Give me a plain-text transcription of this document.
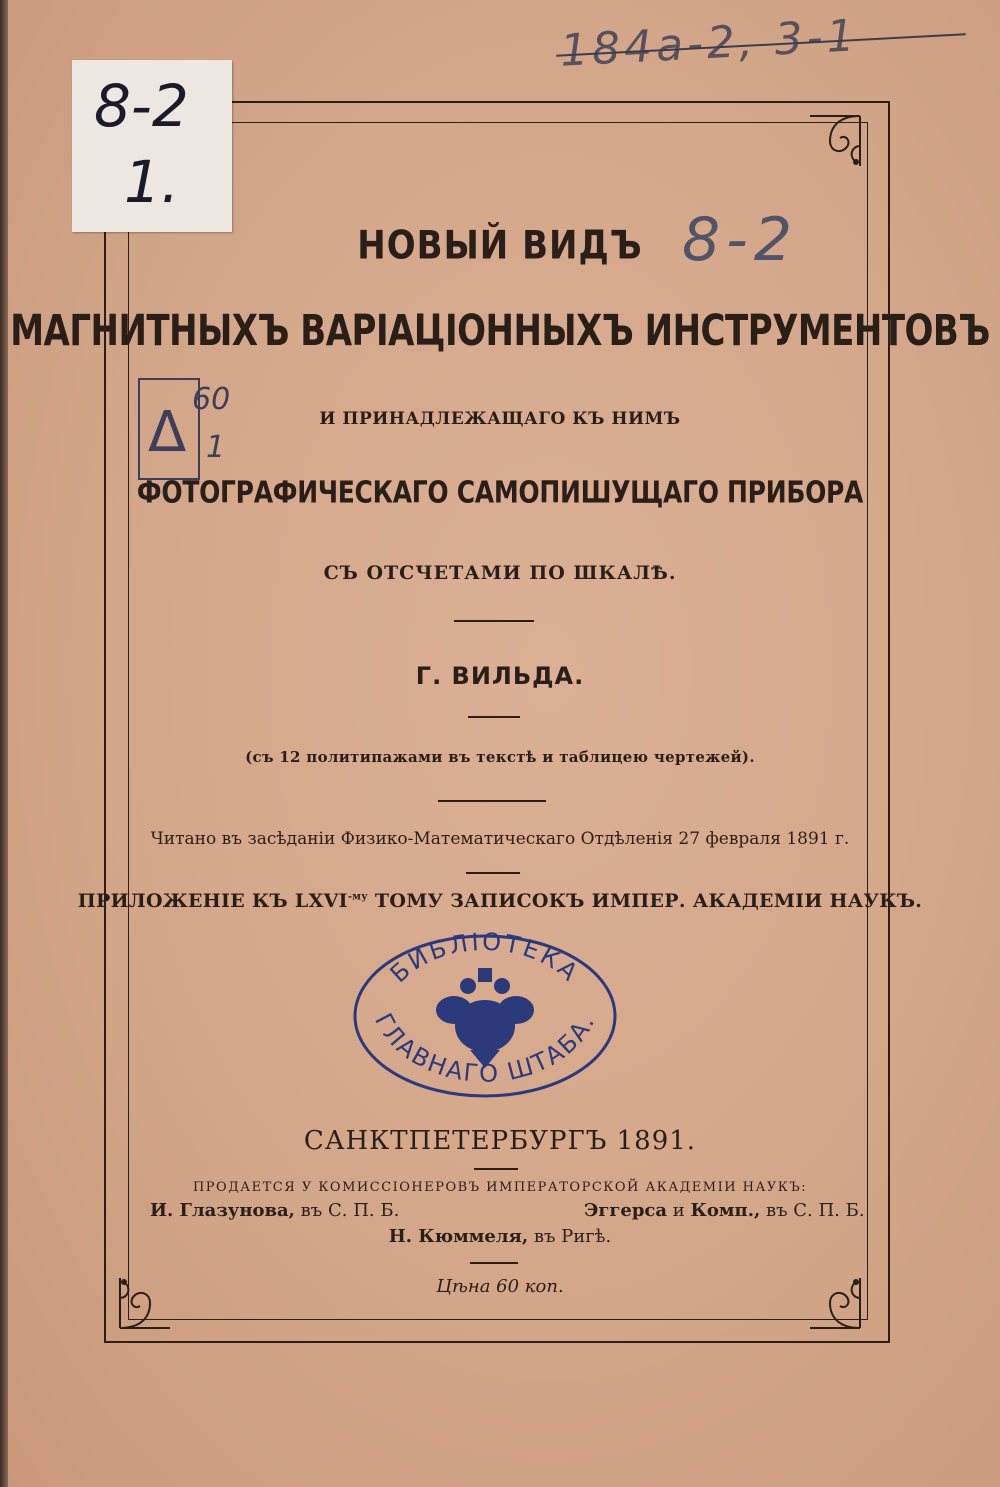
8-2
1.
184a-2, 3-1
8-2
Δ
60
1
НОВЫЙ ВИДЪ
МАГНИТНЫХЪ ВАРІАЦІОННЫХЪ ИНСТРУМЕНТОВЪ
И ПРИНАДЛЕЖАЩАГО КЪ НИМЪ
ФОТОГРАФИЧЕСКАГО САМОПИШУЩАГО ПРИБОРА
СЪ ОТСЧЕТАМИ ПО ШКАЛѢ.
Г. ВИЛЬДА.
(съ 12 политипажами въ текстѣ и таблицею чертежей).
Читано въ засѣданіи Физико-Математическаго Отдѣленія 27 февраля 1891 г.
ПРИЛОЖЕНІЕ КЪ $LXVI^{-му}$ ТОМУ ЗАПИСОКЪ ИМПЕР. АКАДЕМІИ НАУКЪ.
БИБЛІОТЕКА
ГЛАВНАГО ШТАБА.
САНКТПЕТЕРБУРГЪ 1891.
ПРОДАЕТСЯ У КОМИССІОНЕРОВЪ ИМПЕРАТОРСКОЙ АКАДЕМІИ НАУКЪ:
И. Глазунова, въ С. П. Б.	Эггерса и Комп., въ С. П. Б.
Н. Кюммеля, въ Ригѣ.
Цѣна 60 коп.
